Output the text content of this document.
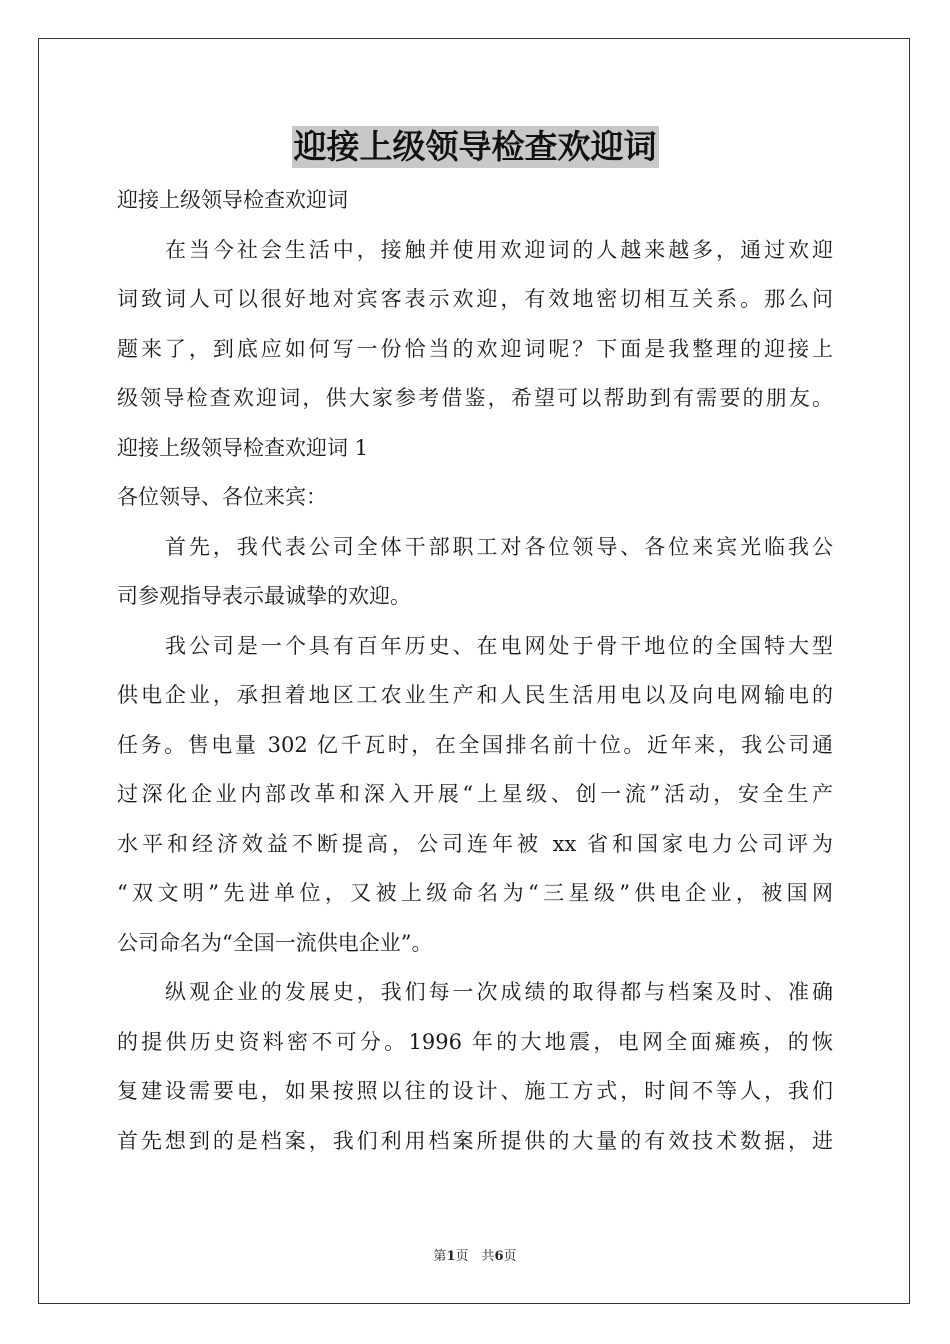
迎接上级领导检查欢迎词
迎接上级领导检查欢迎词
在当今社会生活中，接触并使用欢迎词的人越来越多，通过欢迎
词致词人可以很好地对宾客表示欢迎，有效地密切相互关系。那么问
题来了，到底应如何写一份恰当的欢迎词呢？下面是我整理的迎接上
级领导检查欢迎词，供大家参考借鉴，希望可以帮助到有需要的朋友。
迎接上级领导检查欢迎词 1
各位领导、各位来宾：
首先，我代表公司全体干部职工对各位领导、各位来宾光临我公
司参观指导表示最诚挚的欢迎。
我公司是一个具有百年历史、在电网处于骨干地位的全国特大型
供电企业，承担着地区工农业生产和人民生活用电以及向电网输电的
任务。售电量 302 亿千瓦时，在全国排名前十位。近年来，我公司通
过深化企业内部改革和深入开展“上星级、创一流”活动，安全生产
水平和经济效益不断提高，公司连年被 xx 省和国家电力公司评为
“双文明”先进单位，又被上级命名为“三星级”供电企业，被国网
公司命名为“全国一流供电企业”。
纵观企业的发展史，我们每一次成绩的取得都与档案及时、准确
的提供历史资料密不可分。1996 年的大地震，电网全面瘫痪，的恢
复建设需要电，如果按照以往的设计、施工方式，时间不等人，我们
首先想到的是档案，我们利用档案所提供的大量的有效技术数据，进
第1页　共6页
